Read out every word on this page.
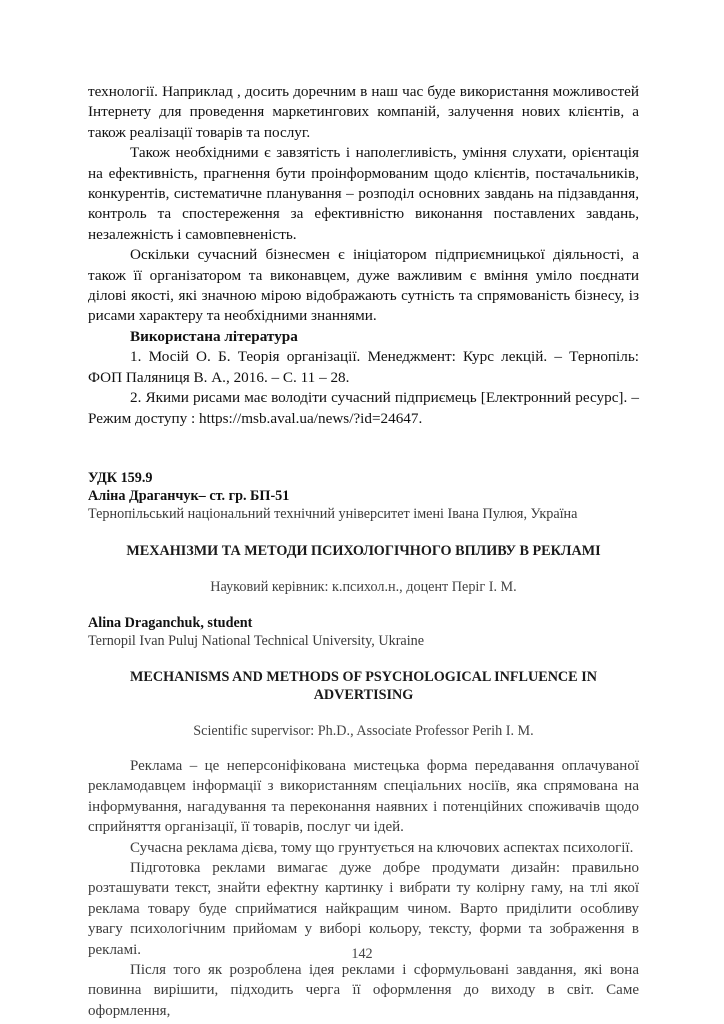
технології. Наприклад , досить доречним в наш час буде використання можливостей Інтернету для проведення маркетингових компаній, залучення нових клієнтів, а також реалізації товарів та послуг.

Також необхідними є завзятість і наполегливість, уміння слухати, орієнтація на ефективність, прагнення бути проінформованим щодо клієнтів, постачальників, конкурентів, систематичне планування – розподіл основних завдань на підзавдання, контроль та спостереження за ефективністю виконання поставлених завдань, незалежність і самовпевненість.

Оскільки сучасний бізнесмен є ініціатором підприємницької діяльності, а також її організатором та виконавцем, дуже важливим є вміння уміло поєднати ділові якості, які значною мірою відображають сутність та спрямованість бізнесу, із рисами характеру та необхідними знаннями.

Використана література

1. Мосій О. Б. Теорія організації. Менеджмент: Курс лекцій. – Тернопіль: ФОП Паляниця В. А., 2016. – С. 11 – 28.

2. Якими рисами має володіти сучасний підприємець [Електронний ресурс]. – Режим доступу : https://msb.aval.ua/news/?id=24647.

УДК 159.9
Аліна Драганчук– ст. гр. БП-51
Тернопільський національний технічний університет імені Івана Пулюя, Україна
МЕХАНІЗМИ ТА МЕТОДИ ПСИХОЛОГІЧНОГО ВПЛИВУ В РЕКЛАМІ
Науковий керівник: к.психол.н., доцент Періг І. М.
Alina Draganchuk, student
Ternopil Ivan Puluj National Technical University, Ukraine
MECHANISMS AND METHODS OF PSYCHOLOGICAL INFLUENCE IN ADVERTISING
Scientific supervisor: Ph.D., Associate Professor Perih I. M.

Реклама – це неперсоніфікована мистецька форма передавання оплачуваної рекламодавцем інформації з використанням спеціальних носіїв, яка спрямована на інформування, нагадування та переконання наявних і потенційних споживачів щодо сприйняття організації, її товарів, послуг чи ідей.

Сучасна реклама дієва, тому що грунтується на ключових аспектах психології.

Підготовка реклами вимагає дуже добре продумати дизайн: правильно розташувати текст, знайти ефектну картинку і вибрати ту колірну гаму, на тлі якої реклама товару буде сприйматися найкращим чином. Варто приділити особливу увагу психологічним прийомам у виборі кольору, тексту, форми та зображення в рекламі.

Після того як розроблена ідея реклами і сформульовані завдання, які вона повинна вирішити, підходить черга її оформлення до виходу в світ. Саме оформлення,

142
